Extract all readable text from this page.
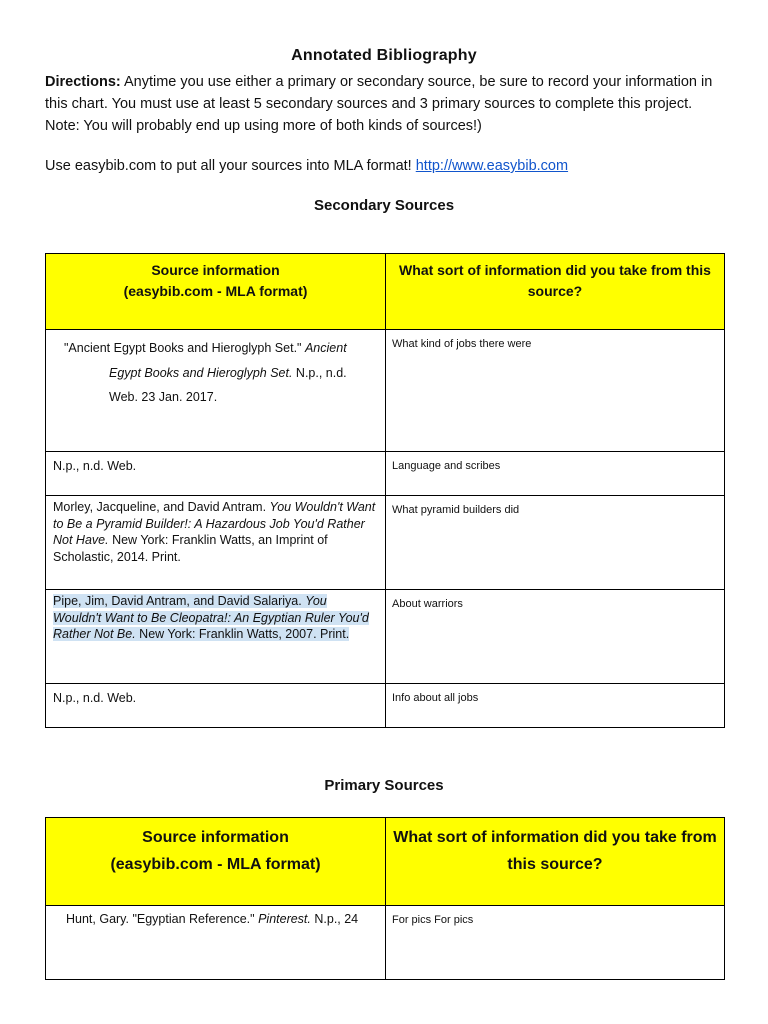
Annotated Bibliography
Directions: Anytime you use either a primary or secondary source, be sure to record your information in this chart. You must use at least 5 secondary sources and 3 primary sources to complete this project. Note: You will probably end up using more of both kinds of sources!)
Use easybib.com to put all your sources into MLA format! http://www.easybib.com
Secondary Sources
Source information
(easybib.com - MLA format)	What sort of information did you take from this source?

"Ancient Egypt Books and Hieroglyph Set." Ancient
Egypt Books and Hieroglyph Set. N.p., n.d.
Web. 23 Jan. 2017.	What kind of jobs there were
N.p., n.d. Web.	Language and scribes
Morley, Jacqueline, and David Antram. You Wouldn't Want to Be a Pyramid Builder!: A Hazardous Job You'd Rather Not Have. New York: Franklin Watts, an Imprint of Scholastic, 2014. Print.	What pyramid builders did
Pipe, Jim, David Antram, and David Salariya. You Wouldn't Want to Be Cleopatra!: An Egyptian Ruler You'd Rather Not Be. New York: Franklin Watts, 2007. Print.	About warriors
N.p., n.d. Web.	Info about all jobs
Primary Sources
Source information
(easybib.com - MLA format)	What sort of information did you take from this source?

Hunt, Gary. "Egyptian Reference." Pinterest. N.p., 24	For pics For pics
